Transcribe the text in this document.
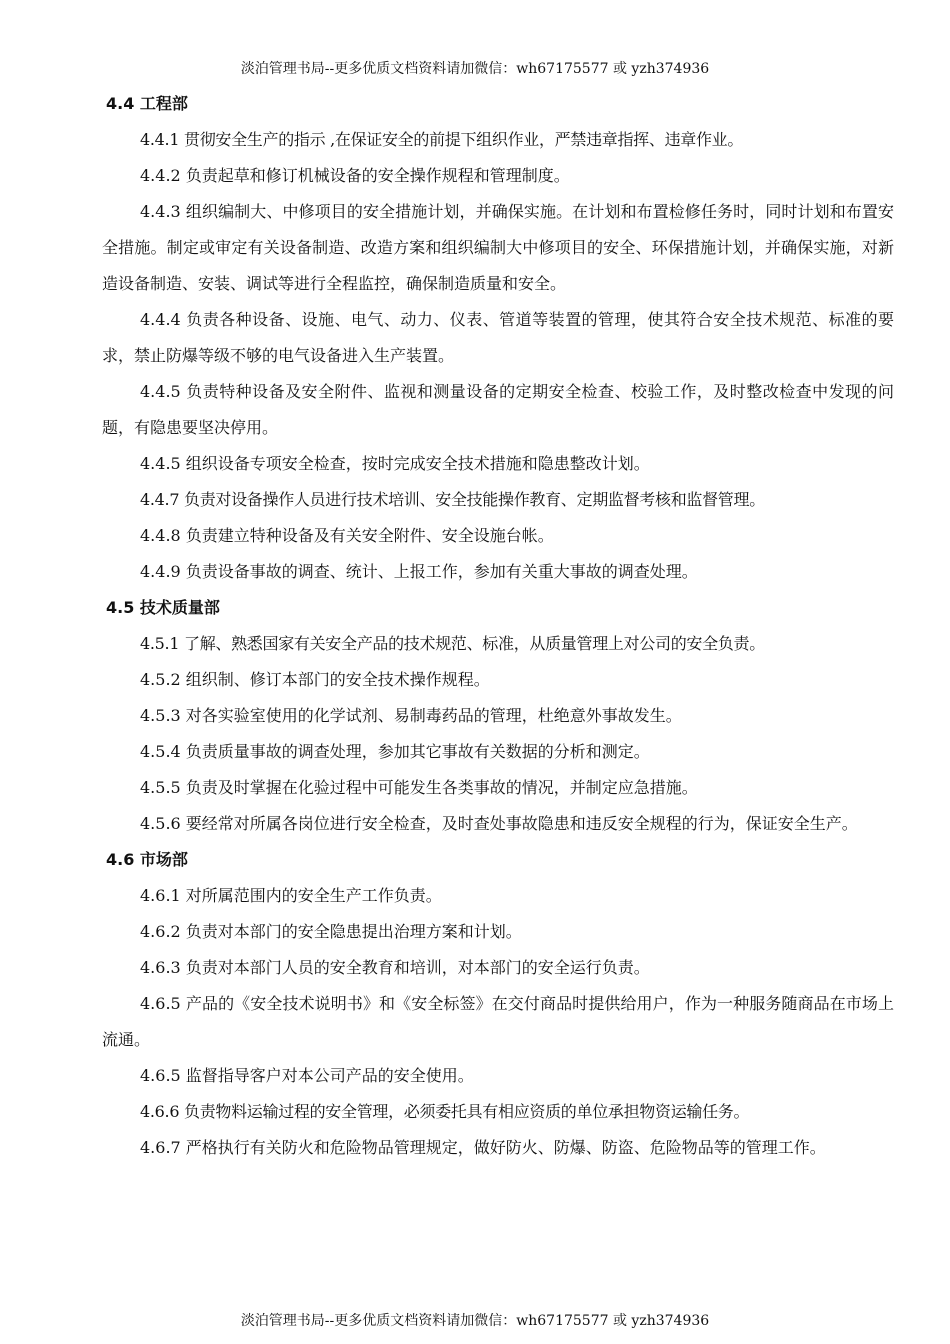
淡泊管理书局--更多优质文档资料请加微信：wh67175577 或 yzh374936
4.4 工程部

4.4.1 贯彻安全生产的指示 ,在保证安全的前提下组织作业，严禁违章指挥、违章作业。

4.4.2 负责起草和修订机械设备的安全操作规程和管理制度。

4.4.3 组织编制大、中修项目的安全措施计划，并确保实施。在计划和布置检修任务时，同时计划和布置安全措施。制定或审定有关设备制造、改造方案和组织编制大中修项目的安全、环保措施计划，并确保实施，对新造设备制造、安装、调试等进行全程监控，确保制造质量和安全。

4.4.4 负责各种设备、设施、电气、动力、仪表、管道等装置的管理，使其符合安全技术规范、标准的要求，禁止防爆等级不够的电气设备进入生产装置。

4.4.5 负责特种设备及安全附件、监视和测量设备的定期安全检查、校验工作，及时整改检查中发现的问题，有隐患要坚决停用。

4.4.5 组织设备专项安全检查，按时完成安全技术措施和隐患整改计划。

4.4.7 负责对设备操作人员进行技术培训、安全技能操作教育、定期监督考核和监督管理。

4.4.8 负责建立特种设备及有关安全附件、安全设施台帐。

4.4.9 负责设备事故的调查、统计、上报工作，参加有关重大事故的调查处理。

4.5 技术质量部

4.5.1 了解、熟悉国家有关安全产品的技术规范、标准，从质量管理上对公司的安全负责。

4.5.2 组织制、修订本部门的安全技术操作规程。

4.5.3 对各实验室使用的化学试剂、易制毒药品的管理，杜绝意外事故发生。

4.5.4 负责质量事故的调查处理，参加其它事故有关数据的分析和测定。

4.5.5 负责及时掌握在化验过程中可能发生各类事故的情况，并制定应急措施。

4.5.6 要经常对所属各岗位进行安全检查，及时查处事故隐患和违反安全规程的行为，保证安全生产。

4.6 市场部

4.6.1 对所属范围内的安全生产工作负责。

4.6.2 负责对本部门的安全隐患提出治理方案和计划。

4.6.3 负责对本部门人员的安全教育和培训，对本部门的安全运行负责。

4.6.5 产品的《安全技术说明书》和《安全标签》在交付商品时提供给用户，作为一种服务随商品在市场上流通。

4.6.5 监督指导客户对本公司产品的安全使用。

4.6.6 负责物料运输过程的安全管理，必须委托具有相应资质的单位承担物资运输任务。

4.6.7 严格执行有关防火和危险物品管理规定，做好防火、防爆、防盗、危险物品等的管理工作。

淡泊管理书局--更多优质文档资料请加微信：wh67175577 或 yzh374936
